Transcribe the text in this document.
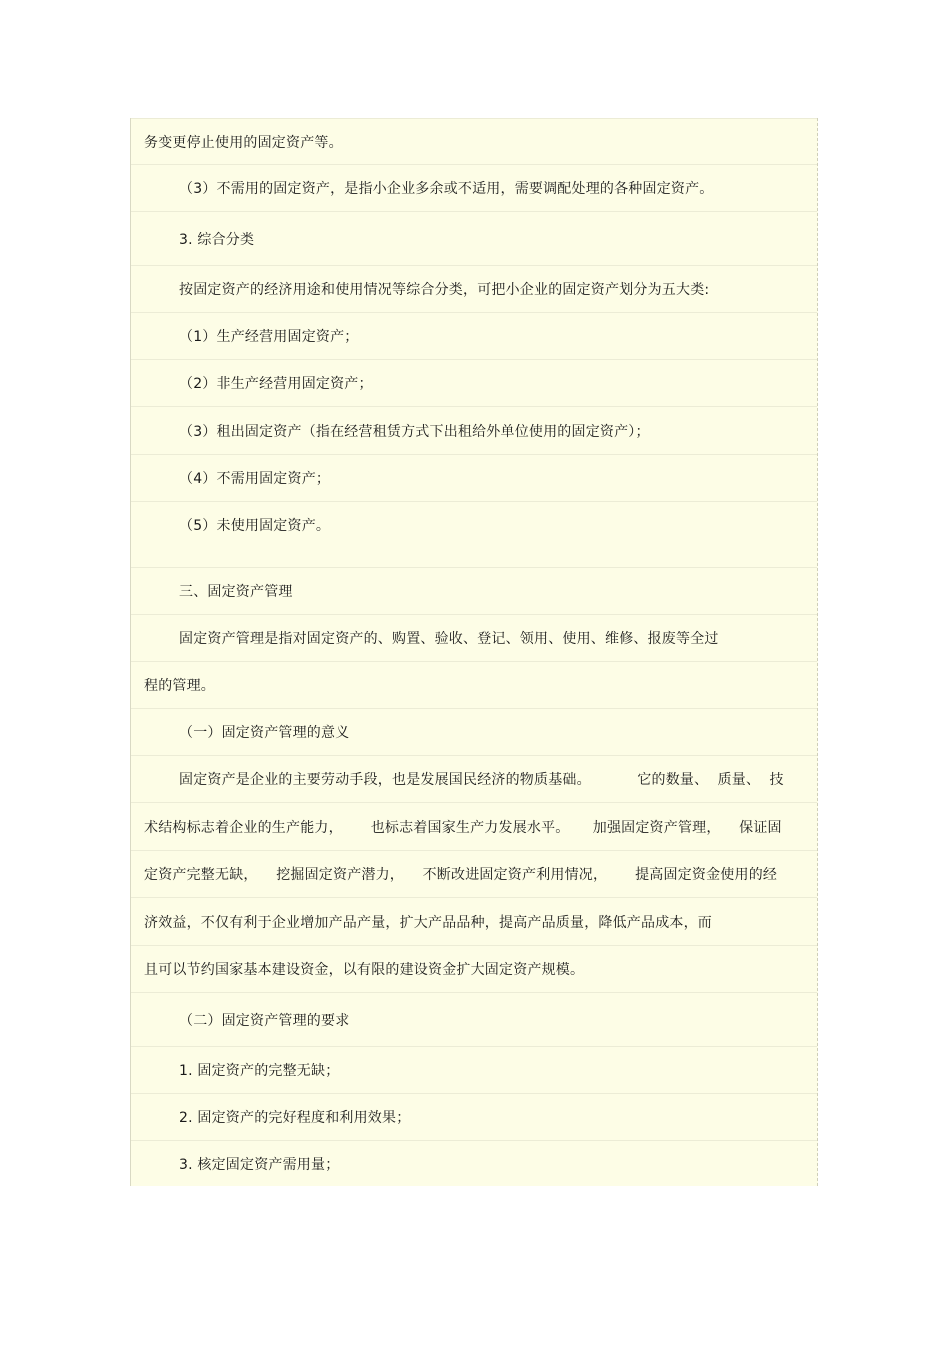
务变更停止使用的固定资产等。
（3）不需用的固定资产，是指小企业多余或不适用，需要调配处理的各种固定资产。
3. 综合分类
按固定资产的经济用途和使用情况等综合分类，可把小企业的固定资产划分为五大类:
（1）生产经营用固定资产；
（2）非生产经营用固定资产；
（3）租出固定资产（指在经营租赁方式下出租给外单位使用的固定资产）；
（4）不需用固定资产；
（5）未使用固定资产。
三、固定资产管理
固定资产管理是指对固定资产的、购置、验收、登记、领用、使用、维修、报废等全过
程的管理。
（一）固定资产管理的意义
固定资产是企业的主要劳动手段，也是发展国民经济的物质基础。          它的数量、  质量、  技
术结构标志着企业的生产能力，      也标志着国家生产力发展水平。     加强固定资产管理，    保证固
定资产完整无缺，    挖掘固定资产潜力，    不断改进固定资产利用情况，      提高固定资金使用的经
济效益，不仅有利于企业增加产品产量，扩大产品品种，提高产品质量，降低产品成本，而
且可以节约国家基本建设资金，以有限的建设资金扩大固定资产规模。
（二）固定资产管理的要求
1. 固定资产的完整无缺；
2. 固定资产的完好程度和利用效果；
3. 核定固定资产需用量；
